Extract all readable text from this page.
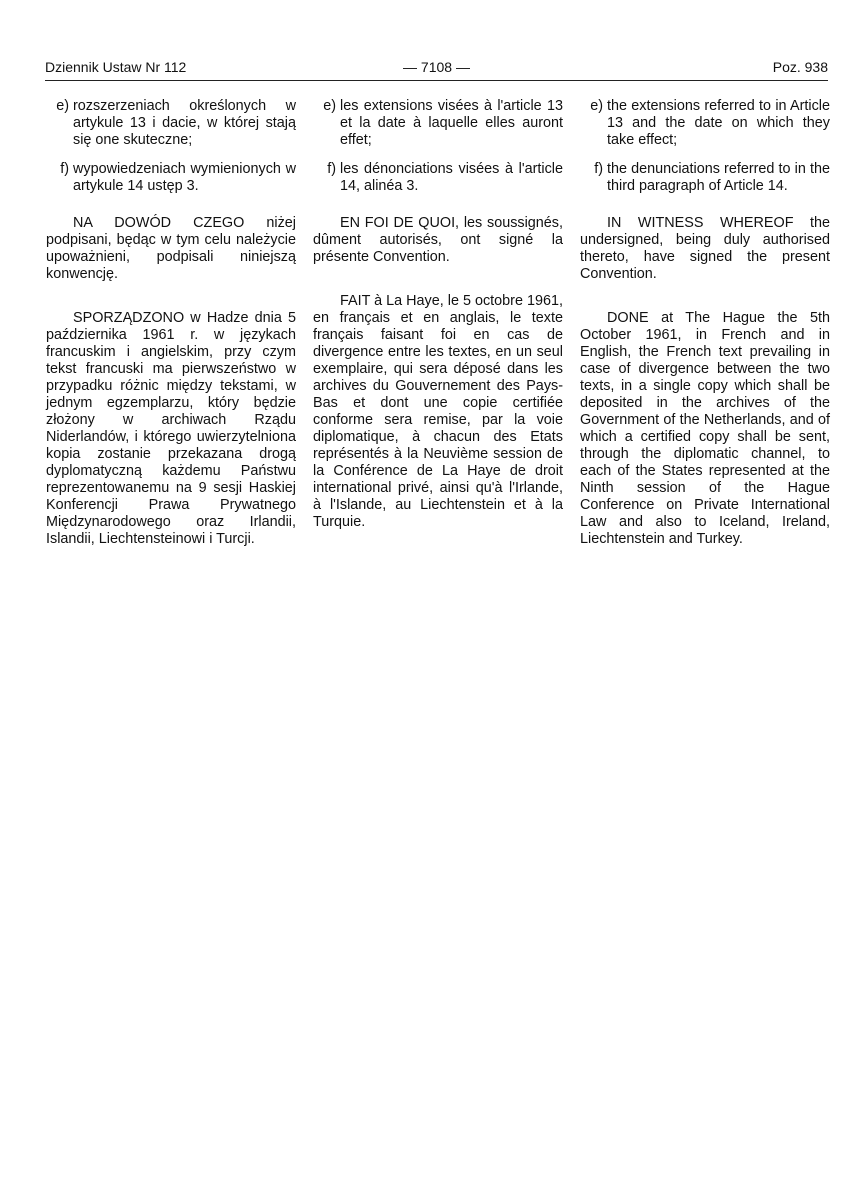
Dziennik Ustaw Nr 112	— 7108 —	Poz. 938
e) rozszerzeniach określonych w artykule 13 i dacie, w której stają się one skuteczne;
f) wypowiedzeniach wymienionych w artykule 14 ustęp 3.

NA DOWÓD CZEGO niżej podpisani, będąc w tym celu należycie upoważnieni, podpisali niniejszą konwencję.

SPORZĄDZONO w Hadze dnia 5 października 1961 r. w językach francuskim i angielskim, przy czym tekst francuski ma pierwszeństwo w przypadku różnic między tekstami, w jednym egzemplarzu, który będzie złożony w archiwach Rządu Niderlandów, i którego uwierzytelniona kopia zostanie przekazana drogą dyplomatyczną każdemu Państwu reprezentowanemu na 9 sesji Haskiej Konferencji Prawa Prywatnego Międzynarodowego oraz Irlandii, Islandii, Liechtensteinowi i Turcji.

e) les extensions visées à l'article 13 et la date à laquelle elles auront effet;
f) les dénonciations visées à l'article 14, alinéa 3.

EN FOI DE QUOI, les soussignés, dûment autorisés, ont signé la présente Convention.

FAIT à La Haye, le 5 octobre 1961, en français et en anglais, le texte français faisant foi en cas de divergence entre les textes, en un seul exemplaire, qui sera déposé dans les archives du Gouvernement des Pays-Bas et dont une copie certifiée conforme sera remise, par la voie diplomatique, à chacun des Etats représentés à la Neuvième session de la Conférence de La Haye de droit international privé, ainsi qu'à l'Irlande, à l'Islande, au Liechtenstein et à la Turquie.

e) the extensions referred to in Article 13 and the date on which they take effect;
f) the denunciations referred to in the third paragraph of Article 14.

IN WITNESS WHEREOF the undersigned, being duly authorised thereto, have signed the present Convention.

DONE at The Hague the 5th October 1961, in French and in English, the French text prevailing in case of divergence between the two texts, in a single copy which shall be deposited in the archives of the Government of the Netherlands, and of which a certified copy shall be sent, through the diplomatic channel, to each of the States represented at the Ninth session of the Hague Conference on Private International Law and also to Iceland, Ireland, Liechtenstein and Turkey.
